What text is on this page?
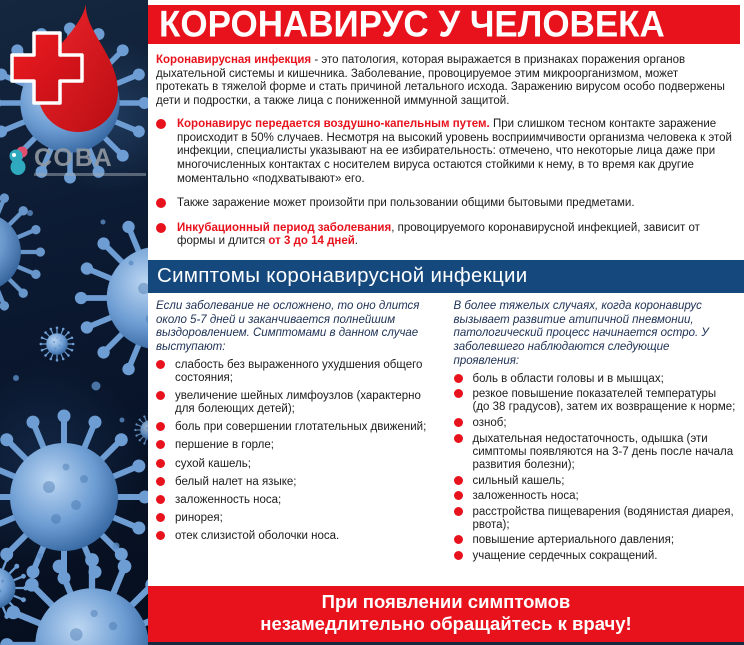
СОВА
КОРОНАВИРУС У ЧЕЛОВЕКА

Коронавирусная инфекция - это патология, которая выражается в признаках поражения органов дыхательной системы и кишечника. Заболевание, провоцируемое этим микроорганизмом, может протекать в тяжелой форме и стать причиной летального исхода. Заражению вирусом особо подвержены дети и подростки, а также лица с пониженной иммунной защитой.

Коронавирус передается воздушно-капельным путем. При слишком тесном контакте заражение происходит в 50% случаев. Несмотря на высокий уровень восприимчивости организма человека к этой инфекции, специалисты указывают на ее избирательность: отмечено, что некоторые лица даже при многочисленных контактах с носителем вируса остаются стойкими к нему, в то время как другие моментально «подхватывают» его.
Также заражение может произойти при пользовании общими бытовыми предметами.
Инкубационный период заболевания, провоцируемого коронавирусной инфекцией, зависит от формы и длится от 3 до 14 дней.
Симптомы коронавирусной инфекции

Если заболевание не осложнено, то оно длится около 5-7 дней и заканчивается полнейшим выздоровлением. Симптомами в данном случае выступают:

слабость без выраженного ухудшения общего состояния;
увеличение шейных лимфоузлов (характерно для болеющих детей);
боль при совершении глотательных движений;
першение в горле;
сухой кашель;
белый налет на языке;
заложенность носа;
ринорея;
отек слизистой оболочки носа.

В более тяжелых случаях, когда коронавирус вызывает развитие атипичной пневмонии, патологический процесс начинается остро. У заболевшего наблюдаются следующие проявления:

боль в области головы и в мышцах;
резкое повышение показателей температуры (до 38 градусов), затем их возвращение к норме;
озноб;
дыхательная недостаточность, одышка (эти симптомы появляются на 3-7 день после начала развития болезни);
сильный кашель;
заложенность носа;
расстройства пищеварения (водянистая диарея, рвота);
повышение артериального давления;
учащение сердечных сокращений.
При появлении симптомов
незамедлительно обращайтесь к врачу!
